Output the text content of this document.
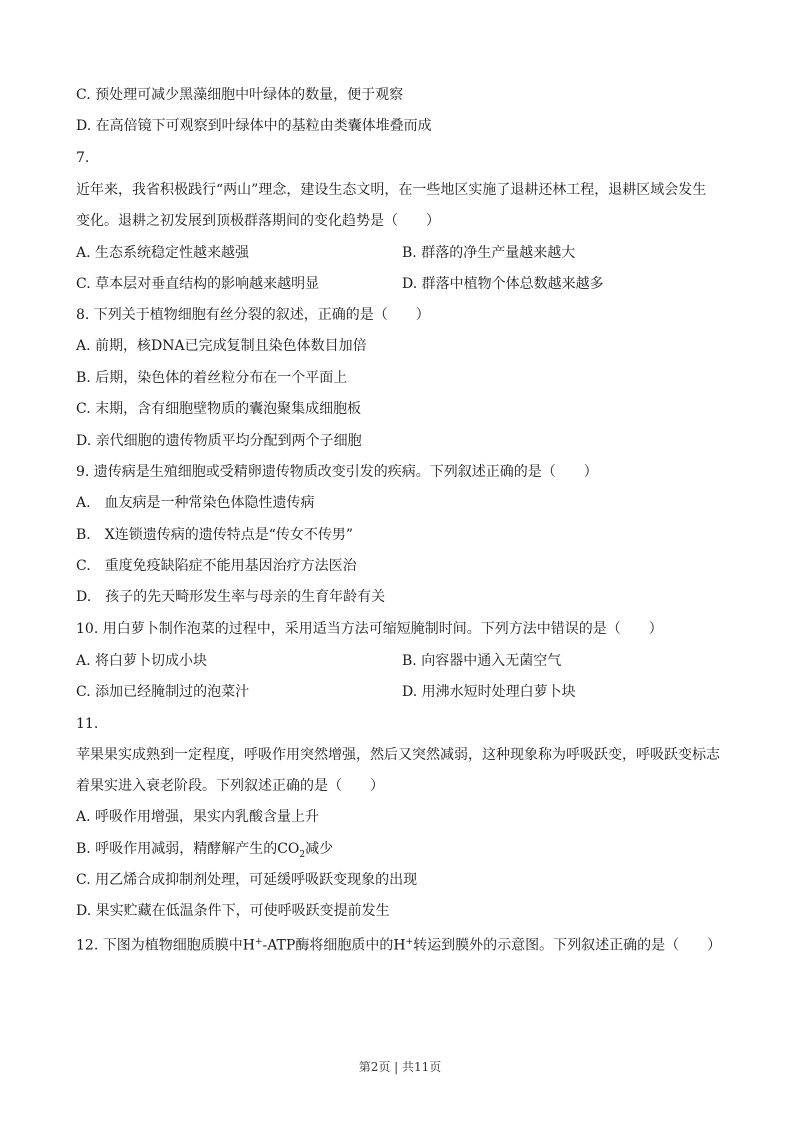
C. 预处理可减少黑藻细胞中叶绿体的数量，便于观察
D. 在高倍镜下可观察到叶绿体中的基粒由类囊体堆叠而成
7.
近年来，我省积极践行“两山”理念，建设生态文明，在一些地区实施了退耕还林工程，退耕区域会发生
变化。退耕之初发展到顶极群落期间的变化趋势是（　　）
A. 生态系统稳定性越来越强	B. 群落的净生产量越来越大
C. 草本层对垂直结构的影响越来越明显	D. 群落中植物个体总数越来越多
8. 下列关于植物细胞有丝分裂的叙述，正确的是（　　）
A. 前期，核DNA已完成复制且染色体数目加倍
B. 后期，染色体的着丝粒分布在一个平面上
C. 末期，含有细胞壁物质的囊泡聚集成细胞板
D. 亲代细胞的遗传物质平均分配到两个子细胞
9. 遗传病是生殖细胞或受精卵遗传物质改变引发的疾病。下列叙述正确的是（　　）
A.　血友病是一种常染色体隐性遗传病
B.　X连锁遗传病的遗传特点是“传女不传男”
C.　重度免疫缺陷症不能用基因治疗方法医治
D.　孩子的先天畸形发生率与母亲的生育年龄有关
10. 用白萝卜制作泡菜的过程中，采用适当方法可缩短腌制时间。下列方法中错误的是（　　）
A. 将白萝卜切成小块	B. 向容器中通入无菌空气
C. 添加已经腌制过的泡菜汁	D. 用沸水短时处理白萝卜块
11.
苹果果实成熟到一定程度，呼吸作用突然增强，然后又突然减弱，这种现象称为呼吸跃变，呼吸跃变标志
着果实进入衰老阶段。下列叙述正确的是（　　）
A. 呼吸作用增强，果实内乳酸含量上升
B. 呼吸作用减弱，精酵解产生的$CO_2$减少
C. 用乙烯合成抑制剂处理，可延缓呼吸跃变现象的出现
D. 果实贮藏在低温条件下，可使呼吸跃变提前发生
12. 下图为植物细胞质膜中H+-ATP酶将细胞质中的H+转运到膜外的示意图。下列叙述正确的是（　　）
第2页 | 共11页
